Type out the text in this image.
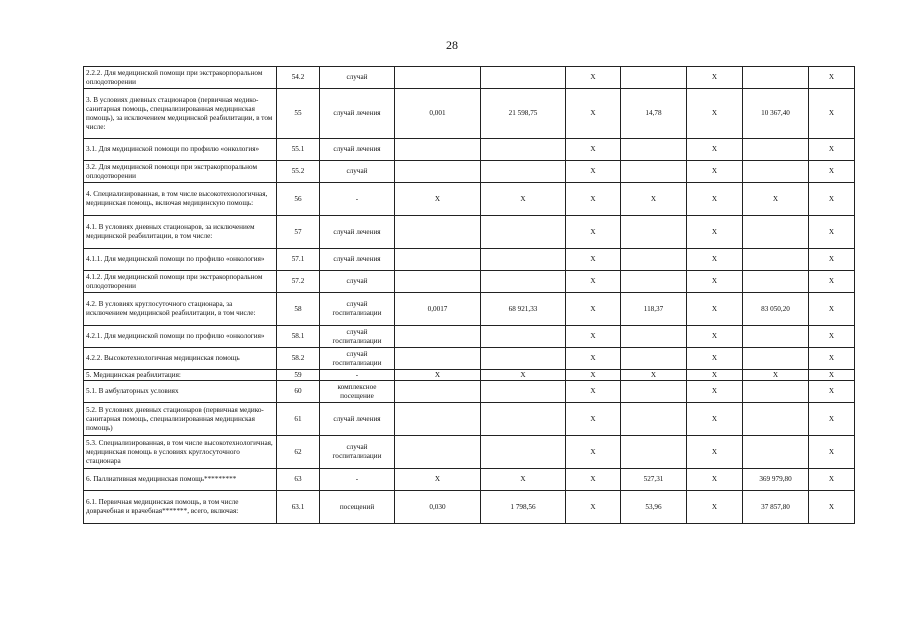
28
2.2.2. Для медицинской помощи при экстракорпоральном оплодотворении	54.2	случай			X		X		X
3. В условиях дневных стационаров (первичная медико-санитарная помощь, специализированная медицинская помощь), за исключением медицинской реабилитации, в том числе:	55	случай лечения	0,001	21 598,75	X	14,78	X	10 367,40	X
3.1. Для медицинской помощи по профилю «онкология»	55.1	случай лечения			X		X		X
3.2. Для медицинской помощи при экстракорпоральном оплодотворении	55.2	случай			X		X		X
4. Специализированная, в том числе высокотехнологичная, медицинская помощь, включая медицинскую помощь:	56	-	X	X	X	X	X	X	X
4.1. В условиях дневных стационаров, за исключением медицинской реабилитации, в том числе:	57	случай лечения			X		X		X
4.1.1. Для медицинской помощи по профилю «онкология»	57.1	случай лечения			X		X		X
4.1.2. Для медицинской помощи при экстракорпоральном оплодотворении	57.2	случай			X		X		X
4.2. В условиях круглосуточного стационара, за исключением медицинской реабилитации, в том числе:	58	случай госпитализации	0,0017	68 921,33	X	118,37	X	83 050,20	X
4.2.1. Для медицинской помощи по профилю «онкология»	58.1	случай госпитализации			X		X		X
4.2.2. Высокотехнологичная медицинская помощь	58.2	случай госпитализации			X		X		X
5. Медицинская реабилитация:	59	-	X	X	X	X	X	X	X
5.1. В амбулаторных условиях	60	комплексное посещение			X		X		X
5.2. В условиях дневных стационаров (первичная медико-санитарная помощь, специализированная медицинская помощь)	61	случай лечения			X		X		X
5.3. Специализированная, в том числе высокотехнологичная, медицинская помощь в условиях круглосуточного стационара	62	случай госпитализации			X		X		X
6. Паллиативная медицинская помощь*********	63	-	X	X	X	527,31	X	369 979,80	X
6.1. Первичная медицинская помощь, в том числе доврачебная и врачебная*******, всего, включая:	63.1	посещений	0,030	1 798,56	X	53,96	X	37 857,80	X
